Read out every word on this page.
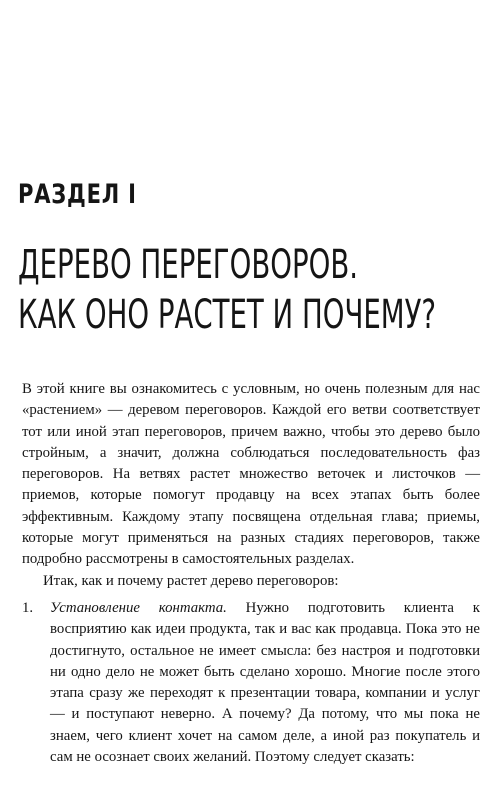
РАЗДЕЛ I
ДЕРЕВО ПЕРЕГОВОРОВ.
КАК ОНО РАСТЕТ И ПОЧЕМУ?

В этой книге вы ознакомитесь с условным, но очень полезным для нас «растением» — деревом переговоров. Каждой его ветви соответствует тот или иной этап переговоров, причем важно, чтобы это дерево было стройным, а значит, должна соблюдаться последовательность фаз переговоров. На ветвях растет множество веточек и листочков — приемов, которые помогут продавцу на всех этапах быть более эффективным. Каждому этапу посвящена отдельная глава; приемы, которые могут применяться на разных стадиях переговоров, также подробно рассмотрены в самостоятельных разделах.

Итак, как и почему растет дерево переговоров:

1. Установление контакта. Нужно подготовить клиента к восприятию как идеи продукта, так и вас как продавца. Пока это не достигнуто, остальное не имеет смысла: без настроя и подготовки ни одно дело не может быть сделано хорошо. Многие после этого этапа сразу же переходят к презентации товара, компании и услуг — и поступают неверно. А почему? Да потому, что мы пока не знаем, чего клиент хочет на самом деле, а иной раз покупатель и сам не осознает своих желаний. Поэтому следует сказать:
